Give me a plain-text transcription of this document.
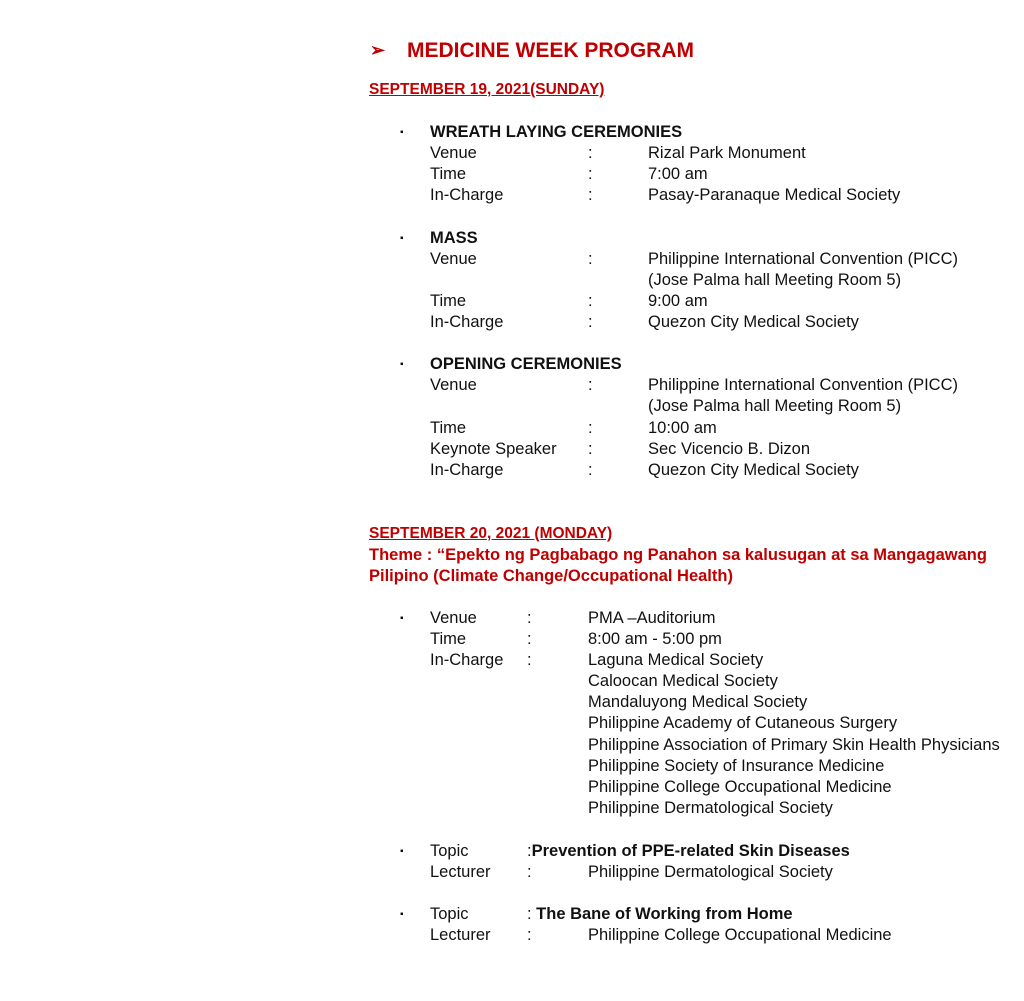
➢ MEDICINE WEEK PROGRAM
SEPTEMBER 19, 2021(SUNDAY)
▪ WREATH LAYING CEREMONIES
Venue	:	Rizal Park Monument
Time	:	7:00 am
In-Charge	:	Pasay-Paranaque Medical Society
▪ MASS
Venue	:	Philippine International Convention (PICC)
(Jose Palma hall Meeting Room 5)
Time	:	9:00 am
In-Charge	:	Quezon City Medical Society
▪ OPENING CEREMONIES
Venue	:	Philippine International Convention (PICC)
(Jose Palma hall Meeting Room 5)
Time	:	10:00 am
Keynote Speaker :	Sec Vicencio B. Dizon
In-Charge	:	Quezon City Medical Society
SEPTEMBER 20, 2021 (MONDAY)
Theme : “Epekto ng Pagbabago ng Panahon sa kalusugan at sa Mangagawang
Pilipino (Climate Change/Occupational Health)
▪ Venue	:	PMA –Auditorium
Time	:	8:00 am - 5:00 pm
In-Charge :	Laguna Medical Society
Caloocan Medical Society
Mandaluyong Medical Society
Philippine Academy of Cutaneous Surgery
Philippine Association of Primary Skin Health Physicians
Philippine Society of Insurance Medicine
Philippine College Occupational Medicine
Philippine Dermatological Society
▪ Topic	:Prevention of PPE-related Skin Diseases
Lecturer :	Philippine Dermatological Society
▪ Topic	: The Bane of Working from Home
Lecturer :	Philippine College Occupational Medicine
